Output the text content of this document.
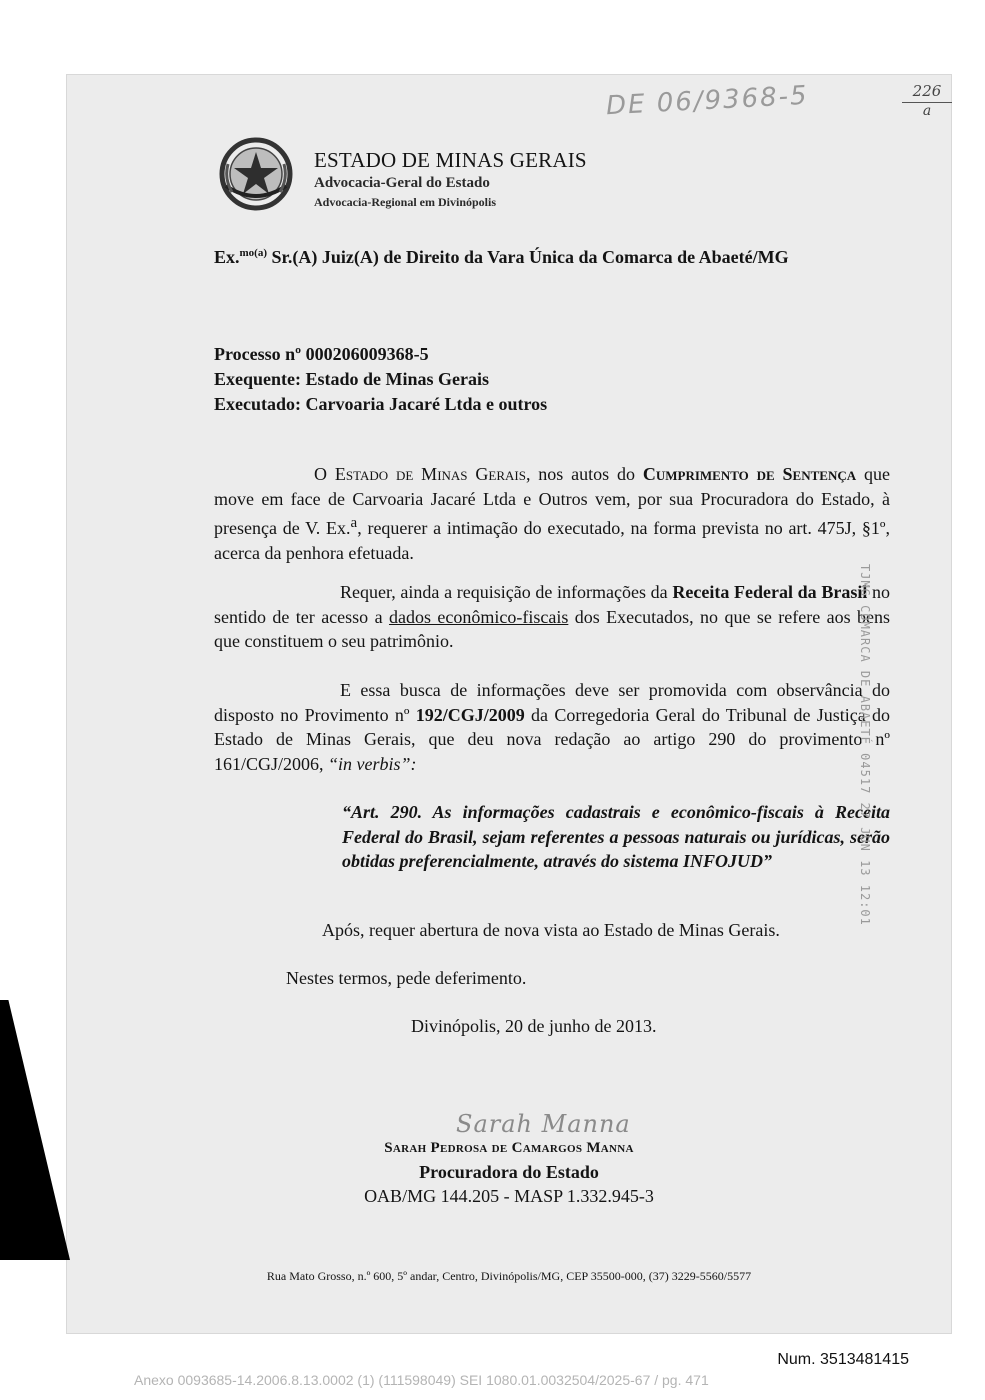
DE 06/9368-5	226
a
ESTADO DE MINAS GERAIS
Advocacia-Geral do Estado
Advocacia-Regional em Divinópolis
Ex.$^{mo(a)}$ Sr.(A) Juiz(A) de Direito da Vara Única da Comarca de Abaeté/MG
Processo nº 000206009368-5
Exequente: Estado de Minas Gerais
Executado: Carvoaria Jacaré Ltda e outros

O Estado de Minas Gerais, nos autos do Cumprimento de Sentença que move em face de Carvoaria Jacaré Ltda e Outros vem, por sua Procuradora do Estado, à presença de V. Ex.$^a$, requerer a intimação do executado, na forma prevista no art. 475J, §1º, acerca da penhora efetuada.

Requer, ainda a requisição de informações da Receita Federal da Brasil no sentido de ter acesso a dados econômico-fiscais dos Executados, no que se refere aos bens que constituem o seu patrimônio.

E essa busca de informações deve ser promovida com observância do disposto no Provimento nº 192/CGJ/2009 da Corregedoria Geral do Tribunal de Justiça do Estado de Minas Gerais, que deu nova redação ao artigo 290 do provimento nº 161/CGJ/2006, “in verbis”:

“Art. 290. As informações cadastrais e econômico-fiscais à Receita Federal do Brasil, sejam referentes a pessoas naturais ou jurídicas, serão obtidas preferencialmente, através do sistema INFOJUD”

Após, requer abertura de nova vista ao Estado de Minas Gerais.
Nestes termos, pede deferimento.
Divinópolis, 20 de junho de 2013.
Sarah Manna
Sarah Pedrosa de Camargos Manna
Procuradora do Estado
OAB/MG 144.205 - MASP 1.332.945-3
Rua Mato Grosso, n.º 600, 5º andar, Centro, Divinópolis/MG, CEP 35500-000, (37) 3229-5560/5577
TJMG COMARCA DE ABAETÉ 04517 27 JUN 13 12:01
Num. 3513481415
Anexo 0093685-14.2006.8.13.0002 (1) (111598049) SEI 1080.01.0032504/2025-67 / pg. 471
